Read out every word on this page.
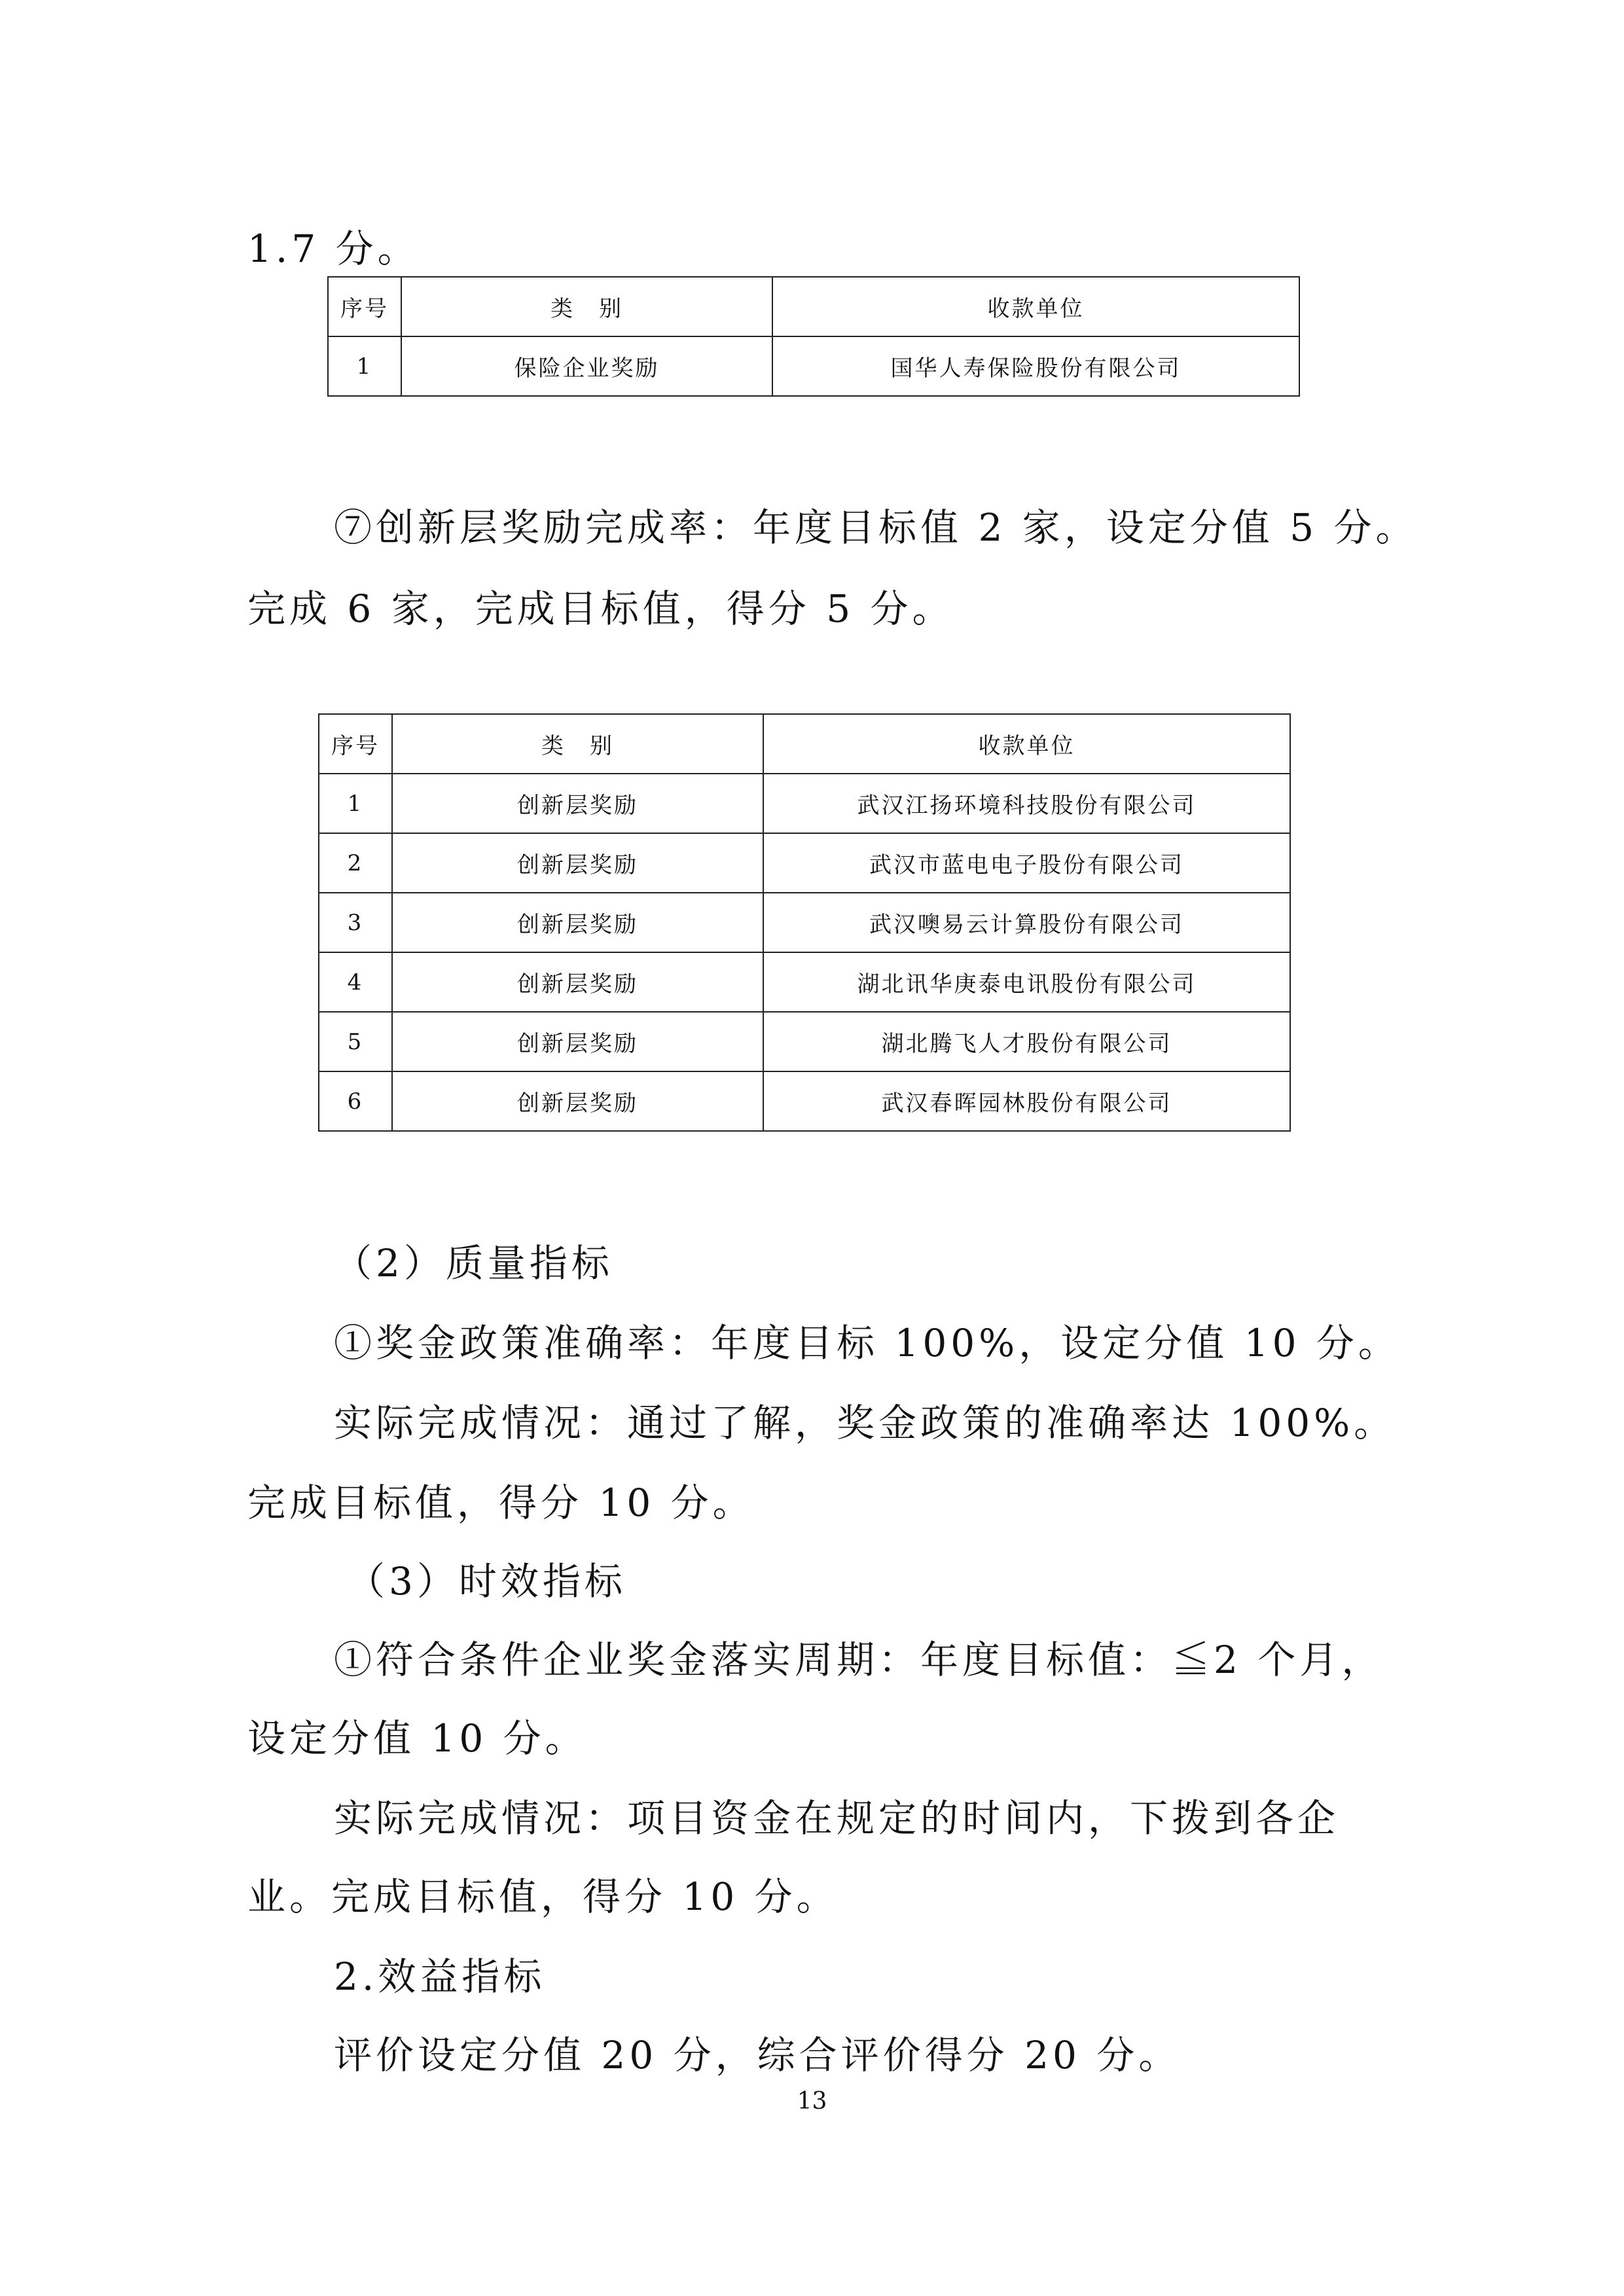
1.7 分。

序号	类　别	收款单位
1	保险企业奖励	国华人寿保险股份有限公司

⑦创新层奖励完成率：年度目标值 2 家，设定分值 5 分。

完成 6 家，完成目标值，得分 5 分。

序号	类　别	收款单位
1	创新层奖励	武汉江扬环境科技股份有限公司
2	创新层奖励	武汉市蓝电电子股份有限公司
3	创新层奖励	武汉噢易云计算股份有限公司
4	创新层奖励	湖北讯华庚泰电讯股份有限公司
5	创新层奖励	湖北腾飞人才股份有限公司
6	创新层奖励	武汉春晖园林股份有限公司

（2）质量指标

①奖金政策准确率：年度目标 100%，设定分值 10 分。

实际完成情况：通过了解，奖金政策的准确率达 100%。

完成目标值，得分 10 分。

（3）时效指标

①符合条件企业奖金落实周期：年度目标值：≦2 个月，

设定分值 10 分。

实际完成情况：项目资金在规定的时间内，下拨到各企

业。完成目标值，得分 10 分。

2.效益指标

评价设定分值 20 分，综合评价得分 20 分。

13
